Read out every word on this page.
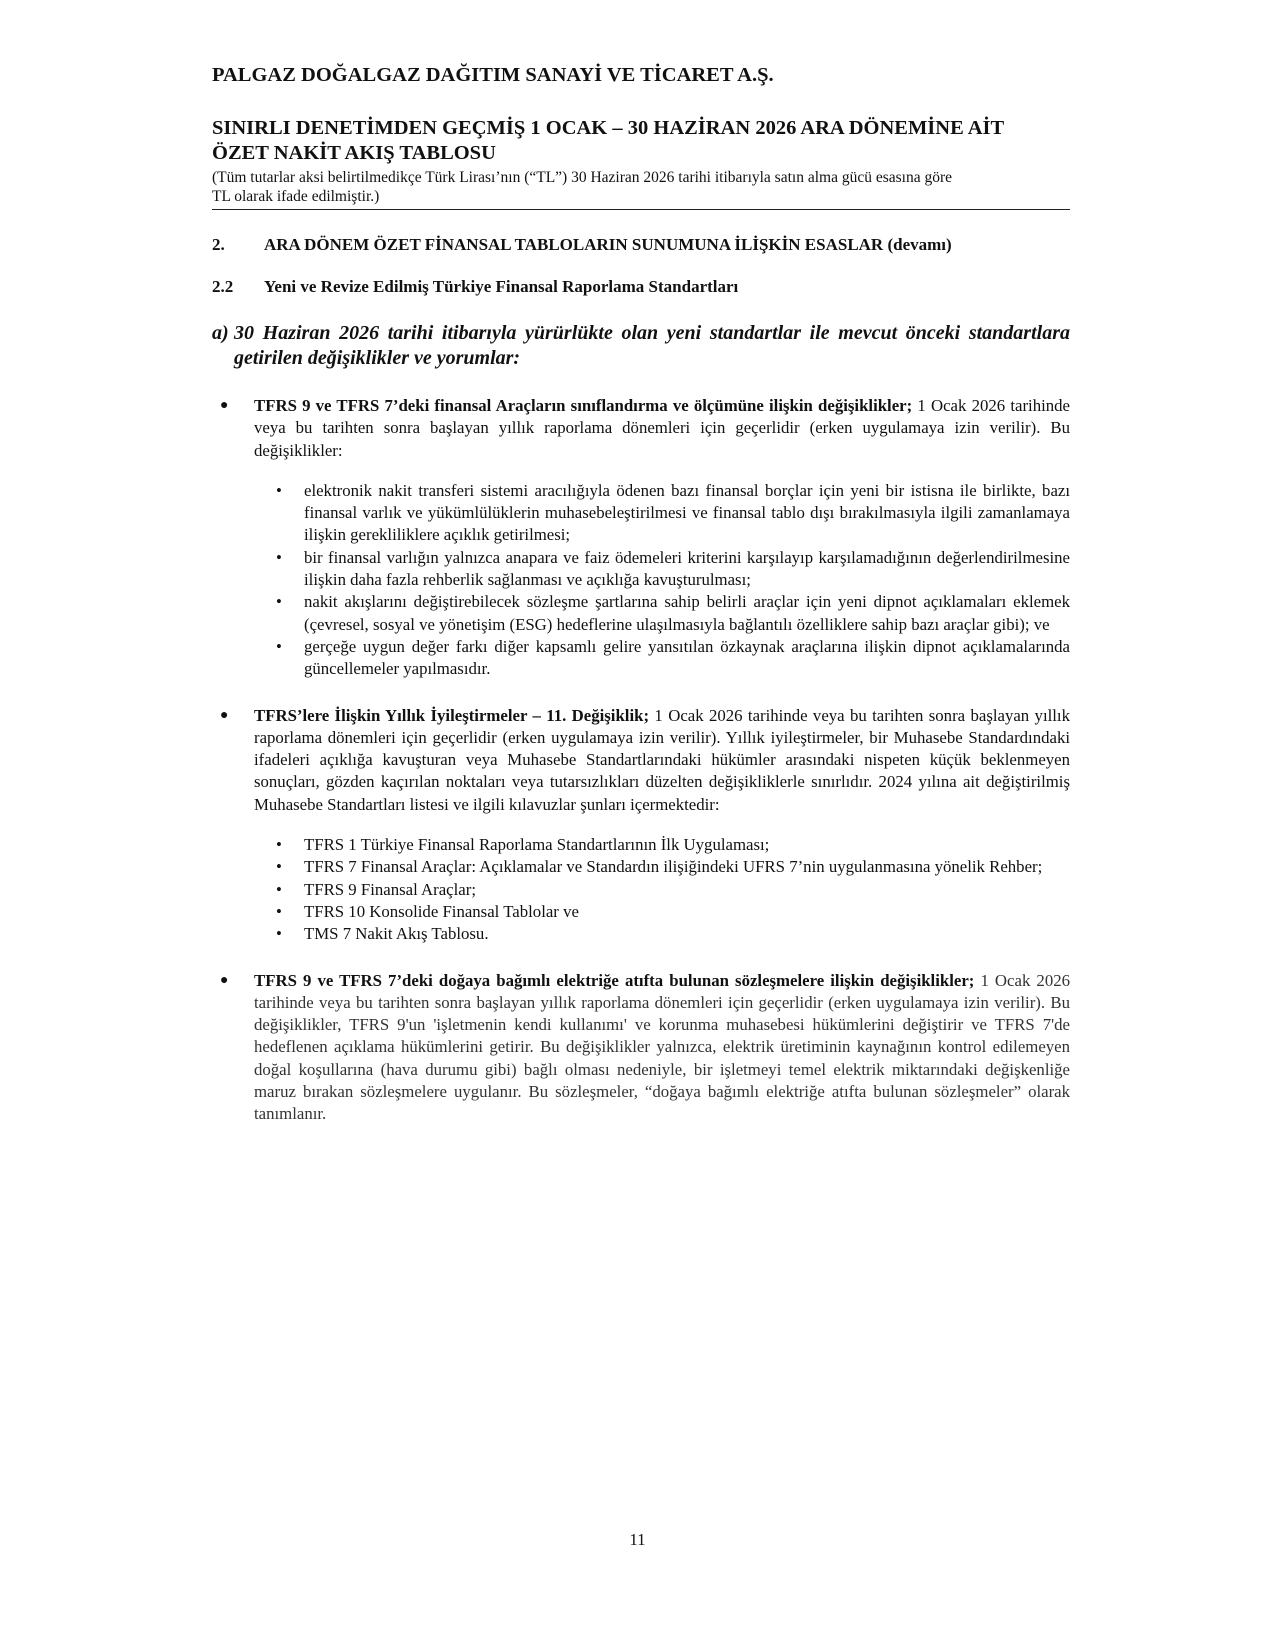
PALGAZ DOĞALGAZ DAĞITIM SANAYİ VE TİCARET A.Ş.

SINIRLI DENETİMDEN GEÇMİŞ 1 OCAK – 30 HAZİRAN 2026 ARA DÖNEMİNE AİT
ÖZET NAKİT AKIŞ TABLOSU

(Tüm tutarlar aksi belirtilmedikçe Türk Lirası’nın (“TL”) 30 Haziran 2026 tarihi itibarıyla satın alma gücü esasına göre
TL olarak ifade edilmiştir.)

2.	ARA DÖNEM ÖZET FİNANSAL TABLOLARIN SUNUMUNA İLİŞKİN ESASLAR (devamı)
2.2	Yeni ve Revize Edilmiş Türkiye Finansal Raporlama Standartları
a) 30 Haziran 2026 tarihi itibarıyla yürürlükte olan yeni standartlar ile mevcut önceki standartlara getirilen değişiklikler ve yorumlar:
●	TFRS 9 ve TFRS 7’deki finansal Araçların sınıflandırma ve ölçümüne ilişkin değişiklikler; 1 Ocak 2026 tarihinde veya bu tarihten sonra başlayan yıllık raporlama dönemleri için geçerlidir (erken uygulamaya izin verilir). Bu değişiklikler:
•	elektronik nakit transferi sistemi aracılığıyla ödenen bazı finansal borçlar için yeni bir istisna ile birlikte, bazı finansal varlık ve yükümlülüklerin muhasebeleştirilmesi ve finansal tablo dışı bırakılmasıyla ilgili zamanlamaya ilişkin gerekliliklere açıklık getirilmesi;
•	bir finansal varlığın yalnızca anapara ve faiz ödemeleri kriterini karşılayıp karşılamadığının değerlendirilmesine ilişkin daha fazla rehberlik sağlanması ve açıklığa kavuşturulması;
•	nakit akışlarını değiştirebilecek sözleşme şartlarına sahip belirli araçlar için yeni dipnot açıklamaları eklemek (çevresel, sosyal ve yönetişim (ESG) hedeflerine ulaşılmasıyla bağlantılı özelliklere sahip bazı araçlar gibi); ve
•	gerçeğe uygun değer farkı diğer kapsamlı gelire yansıtılan özkaynak araçlarına ilişkin dipnot açıklamalarında güncellemeler yapılmasıdır.
●	TFRS’lere İlişkin Yıllık İyileştirmeler – 11. Değişiklik; 1 Ocak 2026 tarihinde veya bu tarihten sonra başlayan yıllık raporlama dönemleri için geçerlidir (erken uygulamaya izin verilir). Yıllık iyileştirmeler, bir Muhasebe Standardındaki ifadeleri açıklığa kavuşturan veya Muhasebe Standartlarındaki hükümler arasındaki nispeten küçük beklenmeyen sonuçları, gözden kaçırılan noktaları veya tutarsızlıkları düzelten değişikliklerle sınırlıdır. 2024 yılına ait değiştirilmiş Muhasebe Standartları listesi ve ilgili kılavuzlar şunları içermektedir:
•	TFRS 1 Türkiye Finansal Raporlama Standartlarının İlk Uygulaması;
•	TFRS 7 Finansal Araçlar: Açıklamalar ve Standardın ilişiğindeki UFRS 7’nin uygulanmasına yönelik Rehber;
•	TFRS 9 Finansal Araçlar;
•	TFRS 10 Konsolide Finansal Tablolar ve
•	TMS 7 Nakit Akış Tablosu.
●	TFRS 9 ve TFRS 7’deki doğaya bağımlı elektriğe atıfta bulunan sözleşmelere ilişkin değişiklikler; 1 Ocak 2026 tarihinde veya bu tarihten sonra başlayan yıllık raporlama dönemleri için geçerlidir (erken uygulamaya izin verilir). Bu değişiklikler, TFRS 9'un 'işletmenin kendi kullanımı' ve korunma muhasebesi hükümlerini değiştirir ve TFRS 7'de hedeflenen açıklama hükümlerini getirir. Bu değişiklikler yalnızca, elektrik üretiminin kaynağının kontrol edilemeyen doğal koşullarına (hava durumu gibi) bağlı olması nedeniyle, bir işletmeyi temel elektrik miktarındaki değişkenliğe maruz bırakan sözleşmelere uygulanır. Bu sözleşmeler, “doğaya bağımlı elektriğe atıfta bulunan sözleşmeler” olarak tanımlanır.
11
